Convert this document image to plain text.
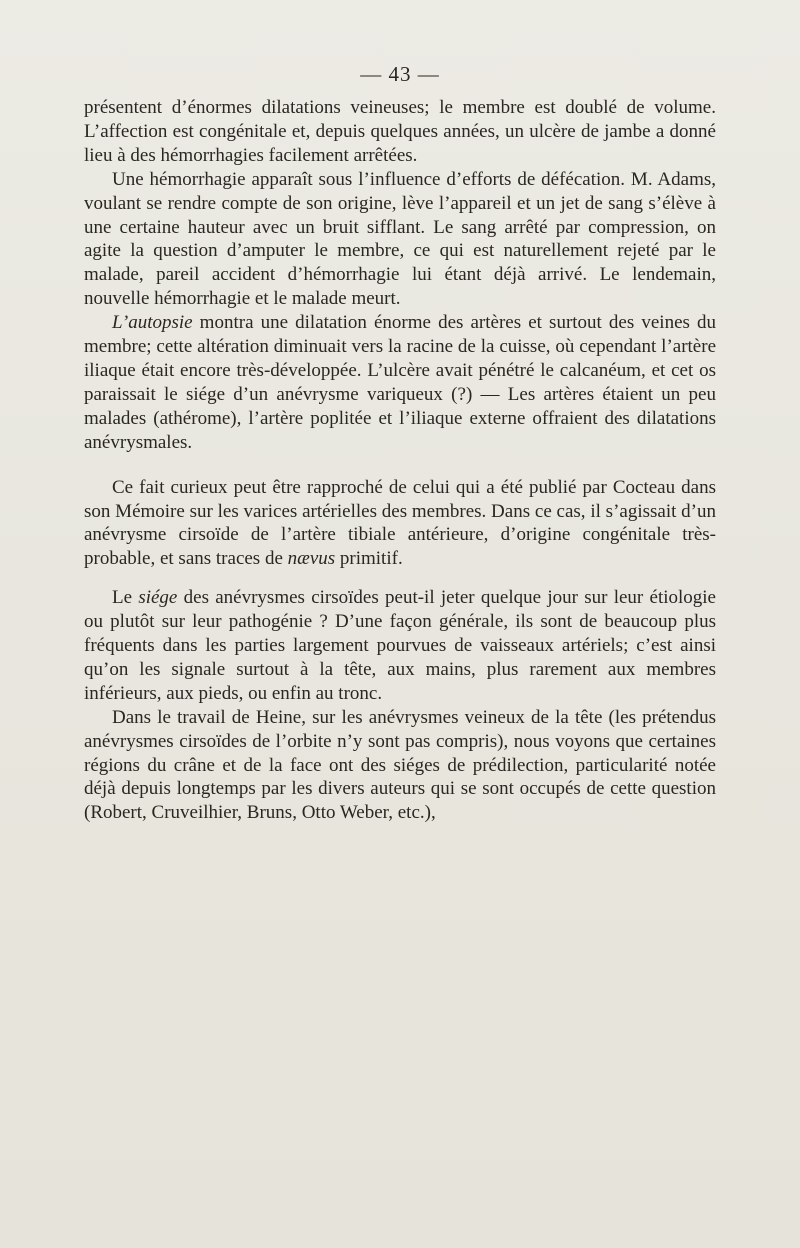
— 43 —

présentent d’énormes dilatations veineuses; le membre est doublé de volume. L’affection est congénitale et, depuis quelques années, un ulcère de jambe a donné lieu à des hémorrhagies facilement arrêtées.

Une hémorrhagie apparaît sous l’influence d’efforts de défécation. M. Adams, voulant se rendre compte de son origine, lève l’appareil et un jet de sang s’élève à une certaine hauteur avec un bruit sifflant. Le sang arrêté par compression, on agite la question d’amputer le membre, ce qui est naturellement rejeté par le malade, pareil accident d’hémorrhagie lui étant déjà arrivé. Le lendemain, nouvelle hémorrhagie et le malade meurt.

L’autopsie montra une dilatation énorme des artères et surtout des veines du membre; cette altération diminuait vers la racine de la cuisse, où cependant l’artère iliaque était encore très-développée. L’ulcère avait pénétré le calcanéum, et cet os paraissait le siége d’un anévrysme variqueux (?) — Les artères étaient un peu malades (athérome), l’artère poplitée et l’iliaque externe offraient des dilatations anévrysmales.

Ce fait curieux peut être rapproché de celui qui a été publié par Cocteau dans son Mémoire sur les varices artérielles des membres. Dans ce cas, il s’agissait d’un anévrysme cirsoïde de l’artère tibiale antérieure, d’origine congénitale très-probable, et sans traces de nævus primitif.

Le siége des anévrysmes cirsoïdes peut-il jeter quelque jour sur leur étiologie ou plutôt sur leur pathogénie ? D’une façon générale, ils sont de beaucoup plus fréquents dans les parties largement pourvues de vaisseaux artériels; c’est ainsi qu’on les signale surtout à la tête, aux mains, plus rarement aux membres inférieurs, aux pieds, ou enfin au tronc.

Dans le travail de Heine, sur les anévrysmes veineux de la tête (les prétendus anévrysmes cirsoïdes de l’orbite n’y sont pas compris), nous voyons que certaines régions du crâne et de la face ont des siéges de prédilection, particularité notée déjà depuis longtemps par les divers auteurs qui se sont occupés de cette question (Robert, Cruveilhier, Bruns, Otto Weber, etc.),
